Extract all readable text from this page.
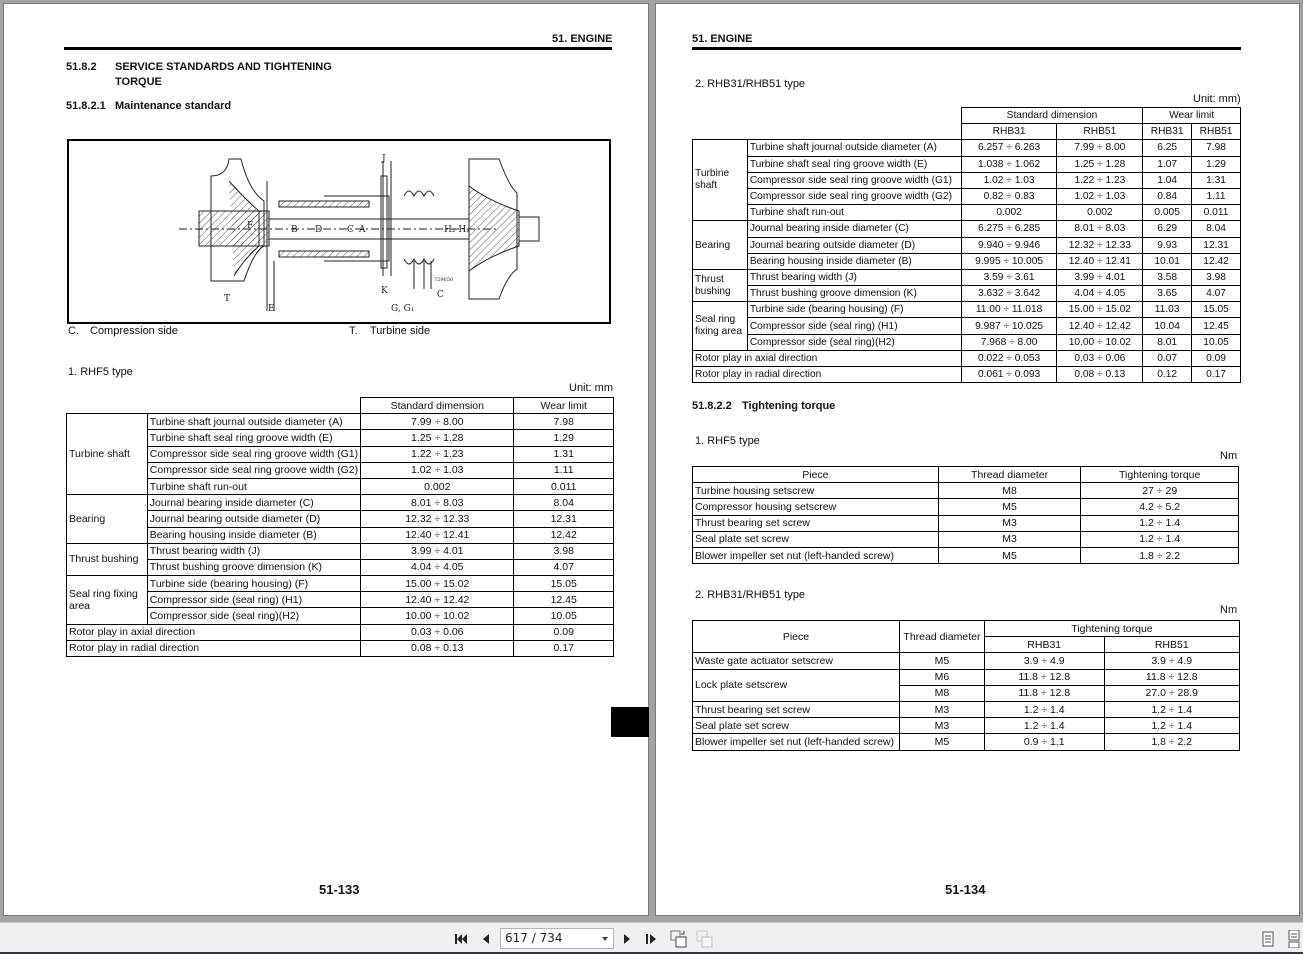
51. ENGINE
51.8.2 SERVICE STANDARDS AND TIGHTENING
TORQUE
51.8.2.1 Maintenance standard
J
F	B D	C A	H₂ H₁
K
E	G, G₁
T	C
729650
C. Compression side	T. Turbine side
1. RHF5 type
Unit: mm
		Standard dimension	Wear limit
Turbine shaft	Turbine shaft journal outside diameter (A)	7.99 ÷ 8.00	7.98
	Turbine shaft seal ring groove width (E)	1.25 ÷ 1.28	1.29
	Compressor side seal ring groove width (G1)	1.22 ÷ 1.23	1.31
	Compressor side seal ring groove width (G2)	1.02 ÷ 1.03	1.11
	Turbine shaft run-out	0.002	0.011
Bearing	Journal bearing inside diameter (C)	8.01 ÷ 8.03	8.04
	Journal bearing outside diameter (D)	12.32 ÷ 12.33	12.31
	Bearing housing inside diameter (B)	12.40 ÷ 12.41	12.42
Thrust bushing	Thrust bearing width (J)	3.99 ÷ 4.01	3.98
	Thrust bushing groove dimension (K)	4.04 ÷ 4.05	4.07
Seal ring fixing area	Turbine side (bearing housing) (F)	15.00 ÷ 15.02	15.05
	Compressor side (seal ring) (H1)	12.40 ÷ 12.42	12.45
	Compressor side (seal ring)(H2)	10.00 ÷ 10.02	10.05
Rotor play in axial direction		0.03 ÷ 0.06	0.09
Rotor play in radial direction		0.08 ÷ 0.13	0.17
51-133
51. ENGINE
2. RHB31/RHB51 type
Unit: mm)
		Standard dimension		Wear limit	
		RHB31	RHB51	RHB31	RHB51
Turbine shaft	Turbine shaft journal outside diameter (A)	6.257 ÷ 6.263	7.99 ÷ 8.00	6.25	7.98
	Turbine shaft seal ring groove width (E)	1.038 ÷ 1.062	1.25 ÷ 1.28	1.07	1.29
	Compressor side seal ring groove width (G1)	1.02 ÷ 1.03	1.22 ÷ 1.23	1.04	1.31
	Compressor side seal ring groove width (G2)	0.82 ÷ 0.83	1.02 ÷ 1.03	0.84	1.11
	Turbine shaft run-out	0.002	0.002	0.005	0.011
Bearing	Journal bearing inside diameter (C)	6.275 ÷ 6.285	8.01 ÷ 8.03	6.29	8.04
	Journal bearing outside diameter (D)	9.940 ÷ 9.946	12.32 ÷ 12.33	9.93	12.31
	Bearing housing inside diameter (B)	9.995 ÷ 10.005	12.40 ÷ 12.41	10.01	12.42
Thrust bushing	Thrust bearing width (J)	3.59 ÷ 3.61	3.99 ÷ 4.01	3.58	3.98
	Thrust bushing groove dimension (K)	3.632 ÷ 3.642	4.04 ÷ 4.05	3.65	4.07
Seal ring fixing area	Turbine side (bearing housing) (F)	11.00 ÷ 11.018	15.00 ÷ 15.02	11.03	15.05
	Compressor side (seal ring) (H1)	9.987 ÷ 10.025	12.40 ÷ 12.42	10.04	12.45
	Compressor side (seal ring)(H2)	7.968 ÷ 8.00	10.00 ÷ 10.02	8.01	10.05
Rotor play in axial direction		0.022 ÷ 0.053	0.03 ÷ 0.06	0.07	0.09
Rotor play in radial direction		0.061 ÷ 0.093	0.08 ÷ 0.13	0.12	0.17
51.8.2.2 Tightening torque
1. RHF5 type
Nm
Piece	Thread diameter	Tightening torque
Turbine housing setscrew	M8	27 ÷ 29
Compressor housing setscrew	M5	4.2 ÷ 5.2
Thrust bearing set screw	M3	1.2 ÷ 1.4
Seal plate set screw	M3	1.2 ÷ 1.4
Blower impeller set nut (left-handed screw)	M5	1.8 ÷ 2.2
2. RHB31/RHB51 type
Nm
Piece	Thread diameter	Tightening torque	
		RHB31	RHB51
Waste gate actuator setscrew	M5	3.9 ÷ 4.9	3.9 ÷ 4.9
Lock plate setscrew	M6	11.8 ÷ 12.8	11.8 ÷ 12.8
	M8	11.8 ÷ 12.8	27.0 ÷ 28.9
Thrust bearing set screw	M3	1.2 ÷ 1.4	1.2 ÷ 1.4
Seal plate set screw	M3	1.2 ÷ 1.4	1.2 ÷ 1.4
Blower impeller set nut (left-handed screw)	M5	0.9 ÷ 1.1	1.8 ÷ 2.2
51-134
617 / 734
